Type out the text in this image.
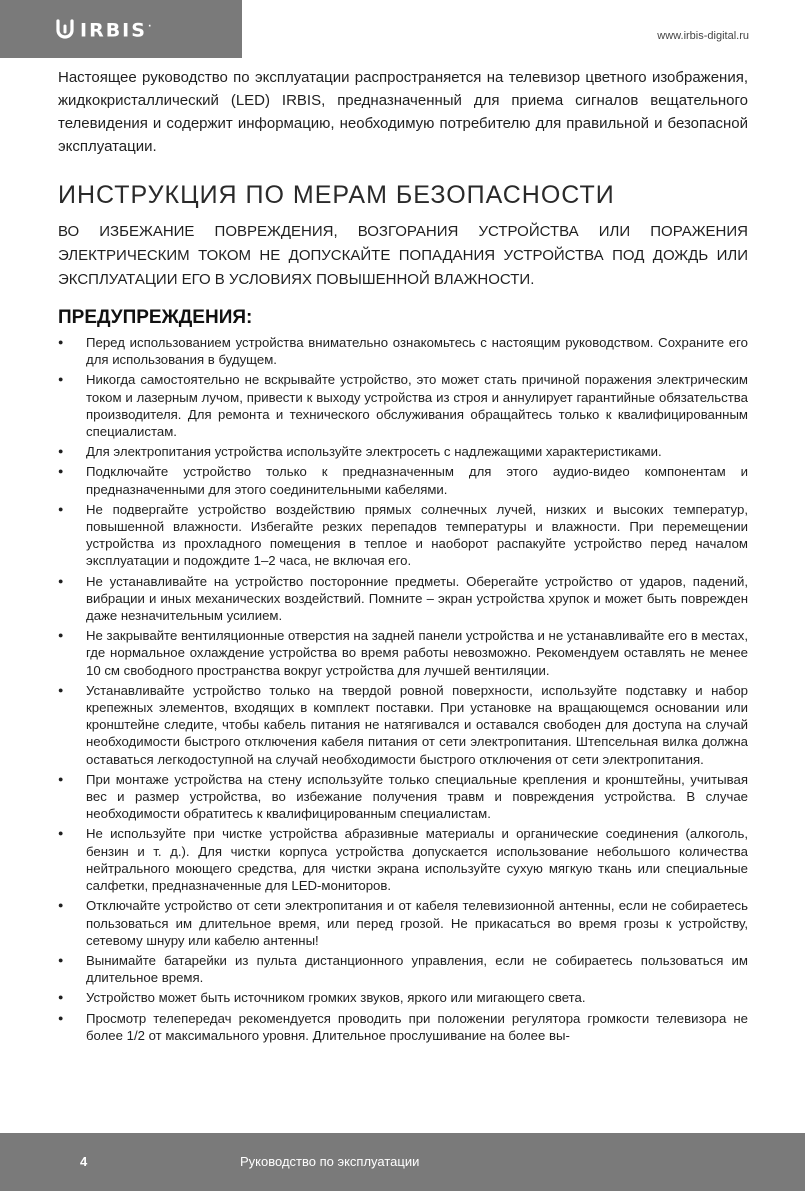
IRBIS·
www.irbis-digital.ru

Настоящее руководство по эксплуатации распространяется на телевизор цветного изображения, жидкокристаллический (LED) IRBIS, предназначенный для приема сигналов вещательного телевидения и содержит информацию, необходимую потребителю для правильной и безопасной эксплуатации.

ИНСТРУКЦИЯ ПО МЕРАМ БЕЗОПАСНОСТИ

ВО ИЗБЕЖАНИЕ ПОВРЕЖДЕНИЯ, ВОЗГОРАНИЯ УСТРОЙСТВА ИЛИ ПОРАЖЕНИЯ ЭЛЕКТРИЧЕСКИМ ТОКОМ НЕ ДОПУСКАЙТЕ ПОПАДАНИЯ УСТРОЙСТВА ПОД ДОЖДЬ ИЛИ ЭКСПЛУАТАЦИИ ЕГО В УСЛОВИЯХ ПОВЫШЕННОЙ ВЛАЖНОСТИ.

ПРЕДУПРЕЖДЕНИЯ:
● Перед использованием устройства внимательно ознакомьтесь с настоящим руководством. Сохраните его для использования в будущем.
● Никогда самостоятельно не вскрывайте устройство, это может стать причиной поражения электрическим током и лазерным лучом, привести к выходу устройства из строя и аннулирует гарантийные обязательства производителя. Для ремонта и технического обслуживания обращайтесь только к квалифицированным специалистам.
● Для электропитания устройства используйте электросеть с надлежащими характеристиками.
● Подключайте устройство только к предназначенным для этого аудио-видео компонентам и предназначенными для этого соединительными кабелями.
● Не подвергайте устройство воздействию прямых солнечных лучей, низких и высоких температур, повышенной влажности. Избегайте резких перепадов температуры и влажности. При перемещении устройства из прохладного помещения в теплое и наоборот распакуйте устройство перед началом эксплуатации и подождите 1–2 часа, не включая его.
● Не устанавливайте на устройство посторонние предметы. Оберегайте устройство от ударов, падений, вибрации и иных механических воздействий. Помните – экран устройства хрупок и может быть поврежден даже незначительным усилием.
● Не закрывайте вентиляционные отверстия на задней панели устройства и не устанавливайте его в местах, где нормальное охлаждение устройства во время работы невозможно. Рекомендуем оставлять не менее 10 см свободного пространства вокруг устройства для лучшей вентиляции.
● Устанавливайте устройство только на твердой ровной поверхности, используйте подставку и набор крепежных элементов, входящих в комплект поставки. При установке на вращающемся основании или кронштейне следите, чтобы кабель питания не натягивался и оставался свободен для доступа на случай необходимости быстрого отключения кабеля питания от сети электропитания. Штепсельная вилка должна оставаться легкодоступной на случай необходимости быстрого отключения от сети электропитания.
● При монтаже устройства на стену используйте только специальные крепления и кронштейны, учитывая вес и размер устройства, во избежание получения травм и повреждения устройства. В случае необходимости обратитесь к квалифицированным специалистам.
● Не используйте при чистке устройства абразивные материалы и органические соединения (алкоголь, бензин и т. д.). Для чистки корпуса устройства допускается использование небольшого количества нейтрального моющего средства, для чистки экрана используйте сухую мягкую ткань или специальные салфетки, предназначенные для LED-мониторов.
● Отключайте устройство от сети электропитания и от кабеля телевизионной антенны, если не собираетесь пользоваться им длительное время, или перед грозой. Не прикасаться во время грозы к устройству, сетевому шнуру или кабелю антенны!
● Вынимайте батарейки из пульта дистанционного управления, если не собираетесь пользоваться им длительное время.
● Устройство может быть источником громких звуков, яркого или мигающего света.
● Просмотр телепередач рекомендуется проводить при положении регулятора громкости телевизора не более 1/2 от максимального уровня. Длительное прослушивание на более вы-
4	Руководство по эксплуатации
